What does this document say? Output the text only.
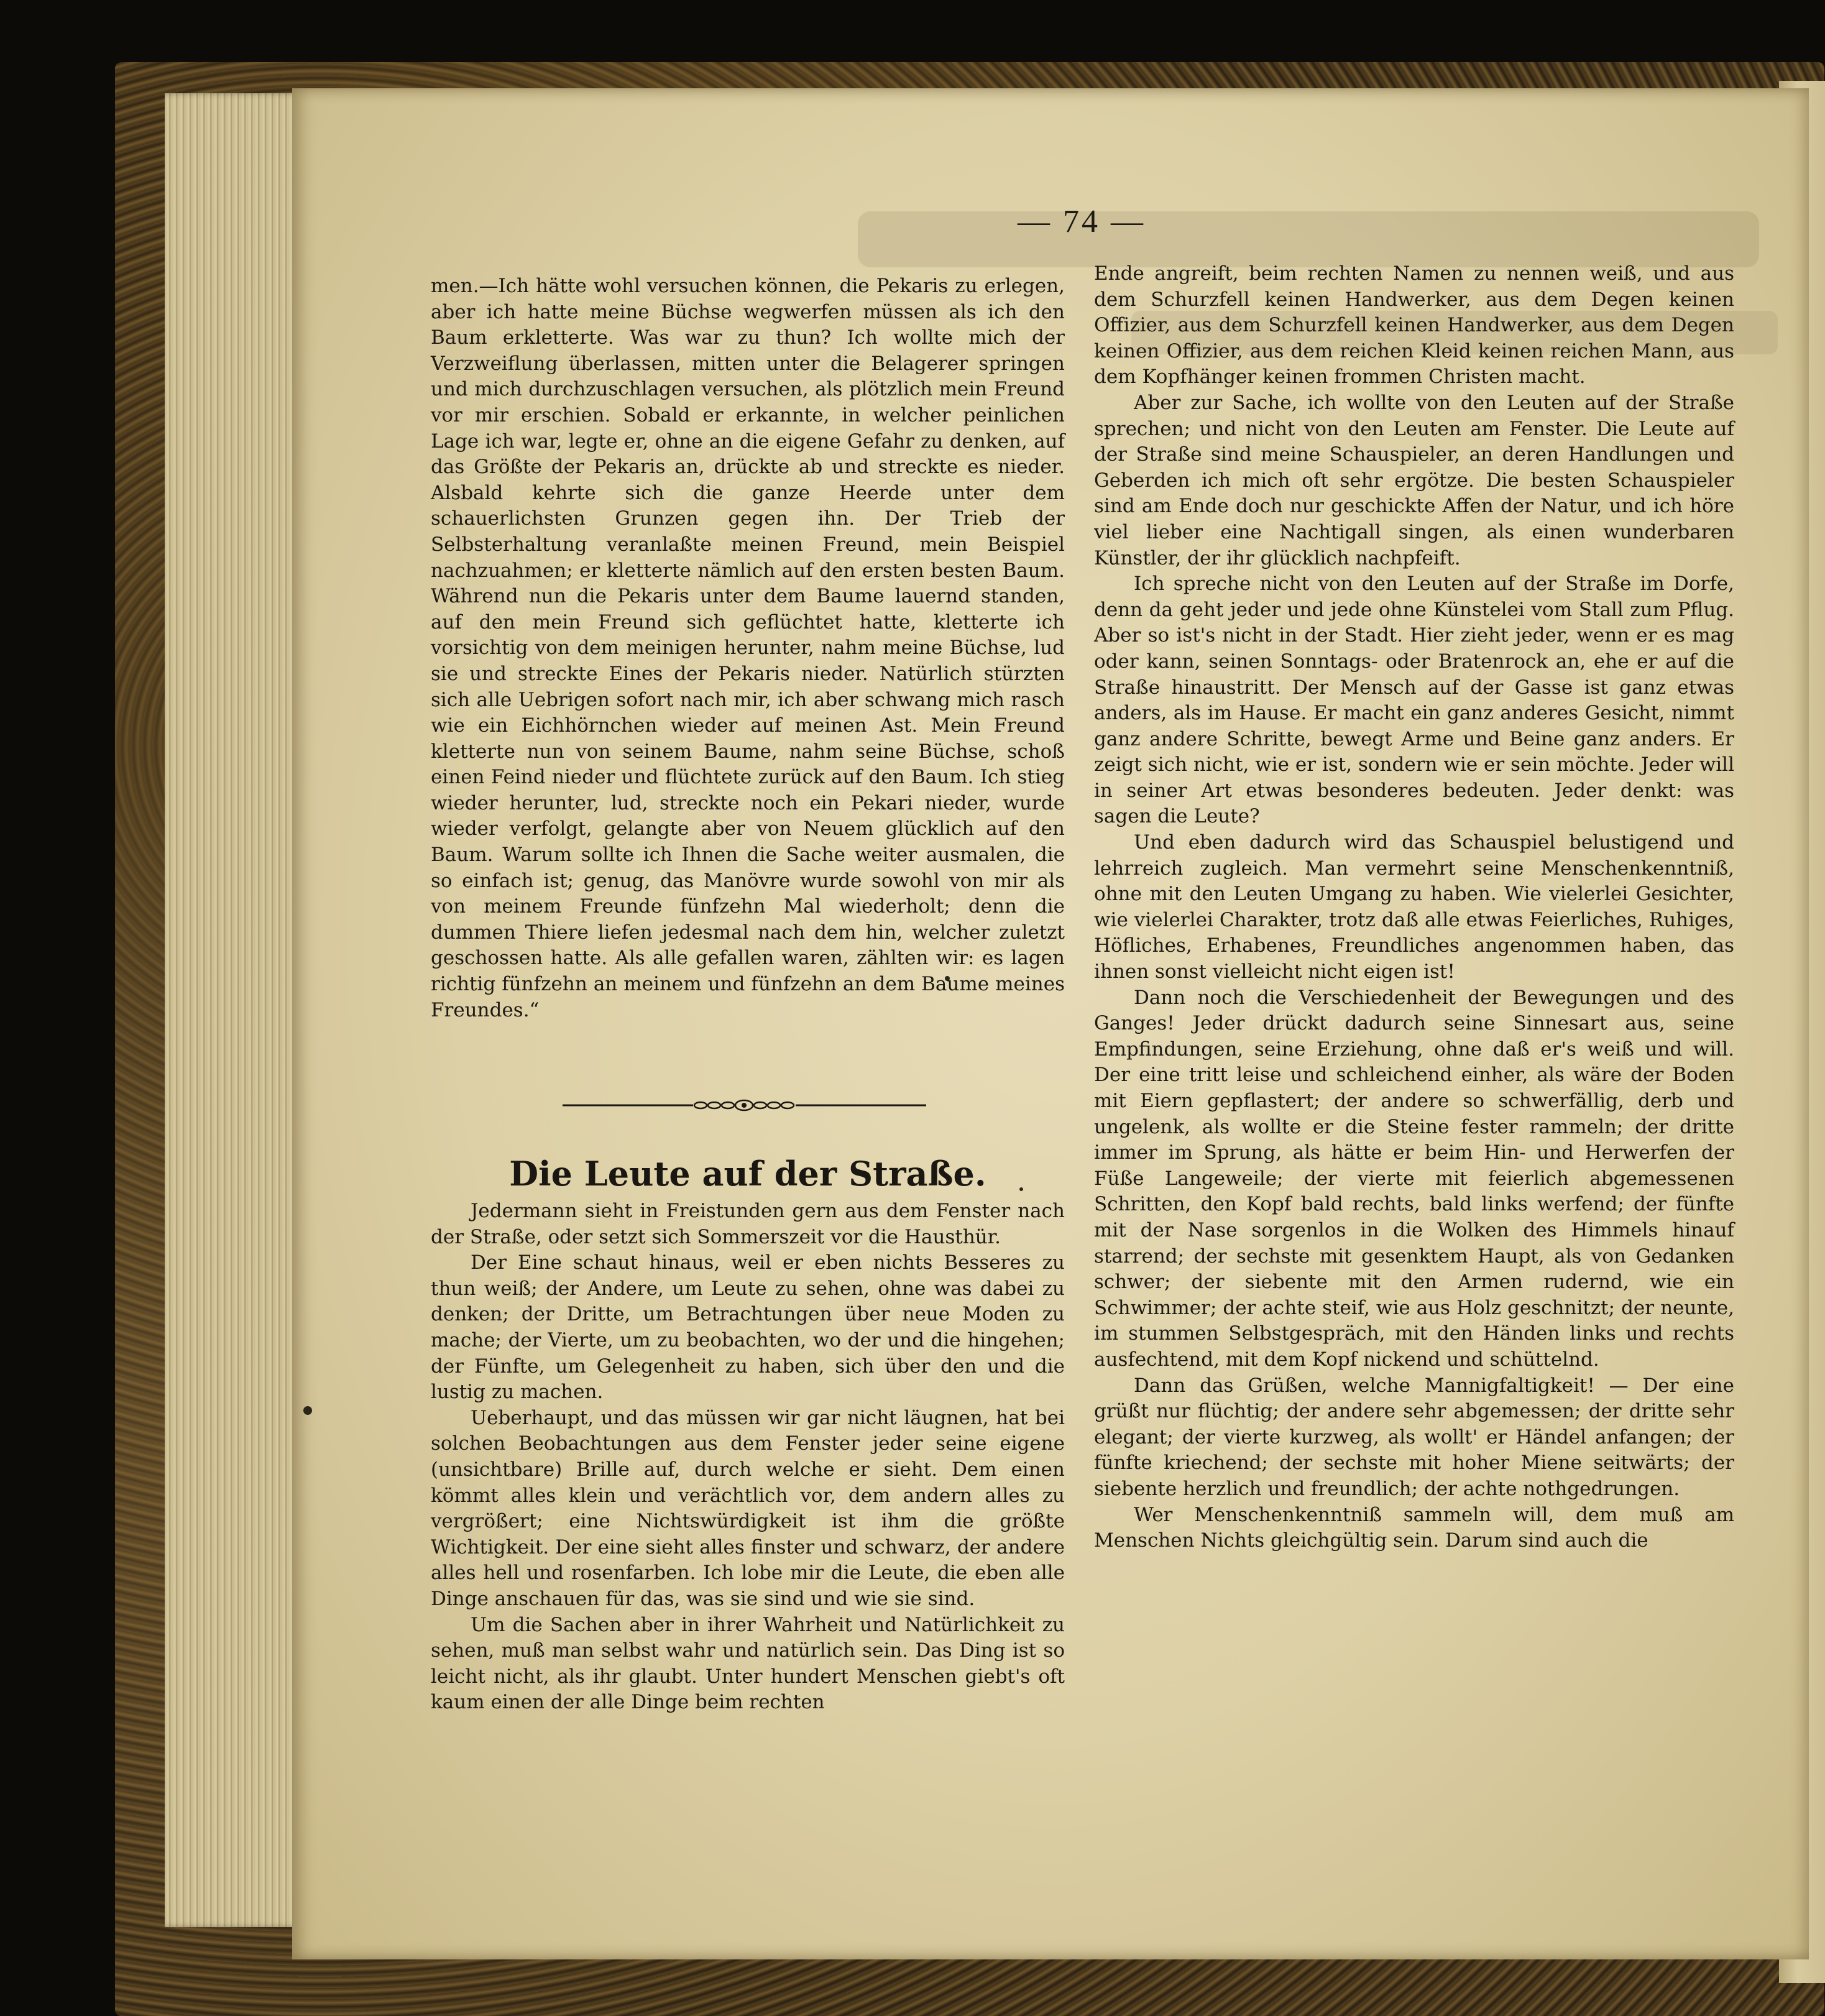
— 74 —

men.—Ich hätte wohl versuchen können, die Pekaris zu erlegen, aber ich hatte meine Büchse wegwerfen müssen als ich den Baum erkletterte. Was war zu thun? Ich wollte mich der Verzweiflung überlassen, mitten unter die Belagerer springen und mich durchzuschlagen versuchen, als plötzlich mein Freund vor mir erschien. Sobald er erkannte, in welcher peinlichen Lage ich war, legte er, ohne an die eigene Gefahr zu denken, auf das Größte der Pekaris an, drückte ab und streckte es nieder. Alsbald kehrte sich die ganze Heerde unter dem schauerlichsten Grunzen gegen ihn. Der Trieb der Selbsterhaltung veranlaßte meinen Freund, mein Beispiel nachzuahmen; er kletterte nämlich auf den ersten besten Baum. Während nun die Pekaris unter dem Baume lauernd standen, auf den mein Freund sich geflüchtet hatte, kletterte ich vorsichtig von dem meinigen herunter, nahm meine Büchse, lud sie und streckte Eines der Pekaris nieder. Natürlich stürzten sich alle Uebrigen sofort nach mir, ich aber schwang mich rasch wie ein Eichhörnchen wieder auf meinen Ast. Mein Freund kletterte nun von seinem Baume, nahm seine Büchse, schoß einen Feind nieder und flüchtete zurück auf den Baum. Ich stieg wieder herunter, lud, streckte noch ein Pekari nieder, wurde wieder verfolgt, gelangte aber von Neuem glücklich auf den Baum. Warum sollte ich Ihnen die Sache weiter ausmalen, die so einfach ist; genug, das Manövre wurde sowohl von mir als von meinem Freunde fünfzehn Mal wiederholt; denn die dummen Thiere liefen jedesmal nach dem hin, welcher zuletzt geschossen hatte. Als alle gefallen waren, zählten wir: es lagen richtig fünfzehn an meinem und fünfzehn an dem Baume meines Freundes.“

Die Leute auf der Straße.

Jedermann sieht in Freistunden gern aus dem Fenster nach der Straße, oder setzt sich Sommerszeit vor die Hausthür.

Der Eine schaut hinaus, weil er eben nichts Besseres zu thun weiß; der Andere, um Leute zu sehen, ohne was dabei zu denken; der Dritte, um Betrachtungen über neue Moden zu mache; der Vierte, um zu beobachten, wo der und die hingehen; der Fünfte, um Gelegenheit zu haben, sich über den und die lustig zu machen.

Ueberhaupt, und das müssen wir gar nicht läugnen, hat bei solchen Beobachtungen aus dem Fenster jeder seine eigene (unsichtbare) Brille auf, durch welche er sieht. Dem einen kömmt alles klein und verächtlich vor, dem andern alles zu vergrößert; eine Nichtswürdigkeit ist ihm die größte Wichtigkeit. Der eine sieht alles finster und schwarz, der andere alles hell und rosenfarben. Ich lobe mir die Leute, die eben alle Dinge anschauen für das, was sie sind und wie sie sind.

Um die Sachen aber in ihrer Wahrheit und Natürlichkeit zu sehen, muß man selbst wahr und natürlich sein. Das Ding ist so leicht nicht, als ihr glaubt. Unter hundert Menschen giebt's oft kaum einen der alle Dinge beim rechten

Ende angreift, beim rechten Namen zu nennen weiß, und aus dem Schurzfell keinen Handwerker, aus dem Degen keinen Offizier, aus dem Schurzfell keinen Handwerker, aus dem Degen keinen Offizier, aus dem reichen Kleid keinen reichen Mann, aus dem Kopfhänger keinen frommen Christen macht.

Aber zur Sache, ich wollte von den Leuten auf der Straße sprechen; und nicht von den Leuten am Fenster. Die Leute auf der Straße sind meine Schauspieler, an deren Handlungen und Geberden ich mich oft sehr ergötze. Die besten Schauspieler sind am Ende doch nur geschickte Affen der Natur, und ich höre viel lieber eine Nachtigall singen, als einen wunderbaren Künstler, der ihr glücklich nachpfeift.

Ich spreche nicht von den Leuten auf der Straße im Dorfe, denn da geht jeder und jede ohne Künstelei vom Stall zum Pflug. Aber so ist's nicht in der Stadt. Hier zieht jeder, wenn er es mag oder kann, seinen Sonntags- oder Bratenrock an, ehe er auf die Straße hinaustritt. Der Mensch auf der Gasse ist ganz etwas anders, als im Hause. Er macht ein ganz anderes Gesicht, nimmt ganz andere Schritte, bewegt Arme und Beine ganz anders. Er zeigt sich nicht, wie er ist, sondern wie er sein möchte. Jeder will in seiner Art etwas besonderes bedeuten. Jeder denkt: was sagen die Leute?

Und eben dadurch wird das Schauspiel belustigend und lehrreich zugleich. Man vermehrt seine Menschenkenntniß, ohne mit den Leuten Umgang zu haben. Wie vielerlei Gesichter, wie vielerlei Charakter, trotz daß alle etwas Feierliches, Ruhiges, Höfliches, Erhabenes, Freundliches angenommen haben, das ihnen sonst vielleicht nicht eigen ist!

Dann noch die Verschiedenheit der Bewegungen und des Ganges! Jeder drückt dadurch seine Sinnesart aus, seine Empfindungen, seine Erziehung, ohne daß er's weiß und will. Der eine tritt leise und schleichend einher, als wäre der Boden mit Eiern gepflastert; der andere so schwerfällig, derb und ungelenk, als wollte er die Steine fester rammeln; der dritte immer im Sprung, als hätte er beim Hin- und Herwerfen der Füße Langeweile; der vierte mit feierlich abgemessenen Schritten, den Kopf bald rechts, bald links werfend; der fünfte mit der Nase sorgenlos in die Wolken des Himmels hinauf starrend; der sechste mit gesenktem Haupt, als von Gedanken schwer; der siebente mit den Armen rudernd, wie ein Schwimmer; der achte steif, wie aus Holz geschnitzt; der neunte, im stummen Selbstgespräch, mit den Händen links und rechts ausfechtend, mit dem Kopf nickend und schüttelnd.

Dann das Grüßen, welche Mannigfaltigkeit! — Der eine grüßt nur flüchtig; der andere sehr abgemessen; der dritte sehr elegant; der vierte kurzweg, als wollt' er Händel anfangen; der fünfte kriechend; der sechste mit hoher Miene seitwärts; der siebente herzlich und freundlich; der achte nothgedrungen.

Wer Menschenkenntniß sammeln will, dem muß am Menschen Nichts gleichgültig sein. Darum sind auch die
